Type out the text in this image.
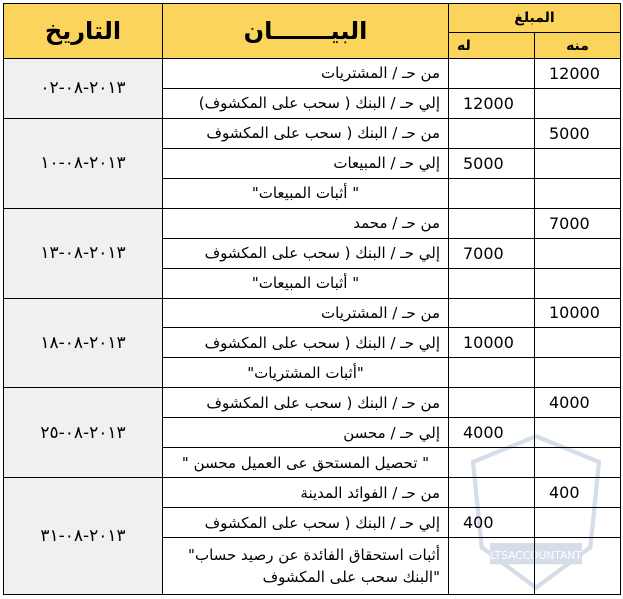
LTSACCOUNTANT
المبلغ		البيـــــــان	التاريخ
منه	له		
12000		من حـ / المشتريات	٢٠١٣-٠٨-٠٢
	12000	إلي حـ / البنك ( سحب على المكشوف)	
5000		من حـ / البنك ( سحب على المكشوف	٢٠١٣-٠٨-١٠
	5000	إلي حـ / المبيعات	
		" أثبات المبيعات"	
7000		من حـ / محمد	٢٠١٣-٠٨-١٣
	7000	إلي حـ / البنك ( سحب على المكشوف	
		" أثبات المبيعات"	
10000		من حـ / المشتريات	٢٠١٣-٠٨-١٨
	10000	إلي حـ / البنك ( سحب على المكشوف	
		"أثبات المشتريات"	
4000		من حـ / البنك ( سحب على المكشوف	٢٠١٣-٠٨-٢٥
	4000	إلي حـ / محسن	
		" تحصيل المستحق عى العميل محسن "	
400		من حـ / الفوائد المدينة	٢٠١٣-٠٨-٣١
	400	إلي حـ / البنك ( سحب على المكشوف	
		أثبات استحقاق الفائدة عن رصيد حساب" "البنك سحب على المكشوف	
